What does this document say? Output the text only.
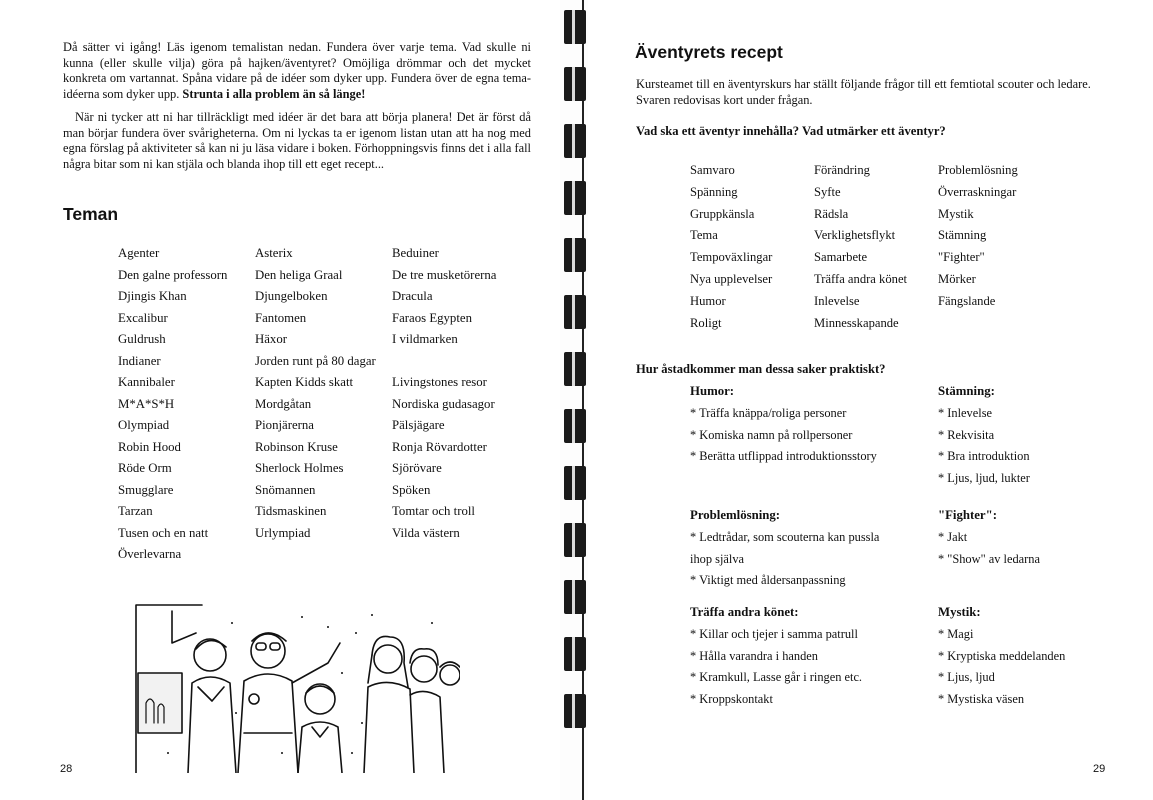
Då sätter vi igång! Läs igenom temalistan nedan. Fundera över varje tema. Vad skulle ni kunna (eller skulle vilja) göra på hajken/äventyret? Omöjliga drömmar och det mycket konkreta om vartannat. Spåna vidare på de idéer som dyker upp. Fundera över de egna tema-idéerna som dyker upp. Strunta i alla problem än så länge!

När ni tycker att ni har tillräckligt med idéer är det bara att börja planera! Det är först då man börjar fundera över svårigheterna. Om ni lyckas ta er igenom listan utan att ha nog med egna förslag på aktiviteter så kan ni ju läsa vidare i boken. Förhoppningsvis finns det i alla fall några bitar som ni kan stjäla och blanda ihop till ett eget recept...

Teman
Agenter
Den galne professorn
Djingis Khan
Excalibur
Guldrush
Indianer
Kannibaler
M*A*S*H
Olympiad
Robin Hood
Röde Orm
Smugglare
Tarzan
Tusen och en natt
Överlevarna
Asterix
Den heliga Graal
Djungelboken
Fantomen
Häxor
Jorden runt på 80 dagar
Kapten Kidds skatt
Mordgåtan
Pionjärerna
Robinson Kruse
Sherlock Holmes
Snömannen
Tidsmaskinen
Urlympiad
Beduiner
De tre musketörerna
Dracula
Faraos Egypten
I vildmarken
Livingstones resor
Nordiska gudasagor
Pälsjägare
Ronja Rövardotter
Sjörövare
Spöken
Tomtar och troll
Vilda västern
28
Äventyrets recept

Kursteamet till en äventyrskurs har ställt följande frågor till ett femtiotal scouter och ledare. Svaren redovisas kort under frågan.

Vad ska ett äventyr innehålla? Vad utmärker ett äventyr?

Samvaro
Spänning
Gruppkänsla
Tema
Tempoväxlingar
Nya upplevelser
Humor
Roligt
Förändring
Syfte
Rädsla
Verklighetsflykt
Samarbete
Träffa andra könet
Inlevelse
Minnesskapande
Problemlösning
Överraskningar
Mystik
Stämning
"Fighter"
Mörker
Fängslande

Hur åstadkommer man dessa saker praktiskt?

Humor:

* Träffa knäppa/roliga personer
* Komiska namn på rollpersoner
* Berätta utflippad introduktionsstory

Stämning:

* Inlevelse
* Rekvisita
* Bra introduktion
* Ljus, ljud, lukter

Problemlösning:

* Ledtrådar, som scouterna kan pussla ihop själva
* Viktigt med åldersanpassning

"Fighter":

* Jakt
* "Show" av ledarna

Träffa andra könet:

* Killar och tjejer i samma patrull
* Hålla varandra i handen
* Kramkull, Lasse går i ringen etc.
* Kroppskontakt

Mystik:

* Magi
* Kryptiska meddelanden
* Ljus, ljud
* Mystiska väsen
29
